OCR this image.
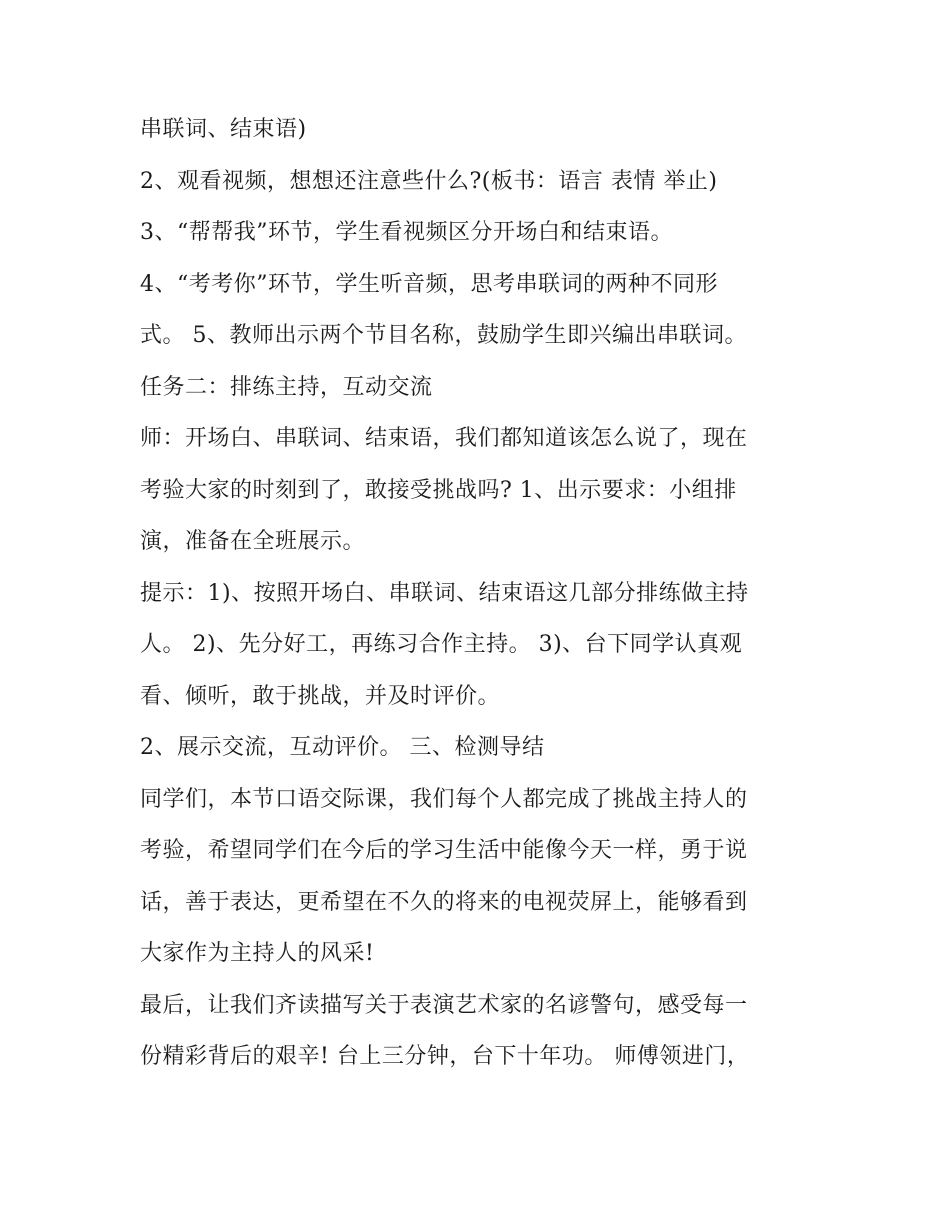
串联词、结束语)
2、观看视频，想想还注意些什么?(板书：语言 表情 举止)
3、“帮帮我”环节，学生看视频区分开场白和结束语。
4、“考考你”环节，学生听音频，思考串联词的两种不同形
式。 5、教师出示两个节目名称，鼓励学生即兴编出串联词。
任务二：排练主持，互动交流
师：开场白、串联词、结束语，我们都知道该怎么说了，现在
考验大家的时刻到了，敢接受挑战吗? 1、出示要求：小组排
演，准备在全班展示。
提示：1)、按照开场白、串联词、结束语这几部分排练做主持
人。 2)、先分好工，再练习合作主持。 3)、台下同学认真观
看、倾听，敢于挑战，并及时评价。
2、展示交流，互动评价。 三、检测导结
同学们，本节口语交际课，我们每个人都完成了挑战主持人的
考验，希望同学们在今后的学习生活中能像今天一样，勇于说
话，善于表达，更希望在不久的将来的电视荧屏上，能够看到
大家作为主持人的风采!
最后，让我们齐读描写关于表演艺术家的名谚警句，感受每一
份精彩背后的艰辛! 台上三分钟，台下十年功。 师傅领进门，
